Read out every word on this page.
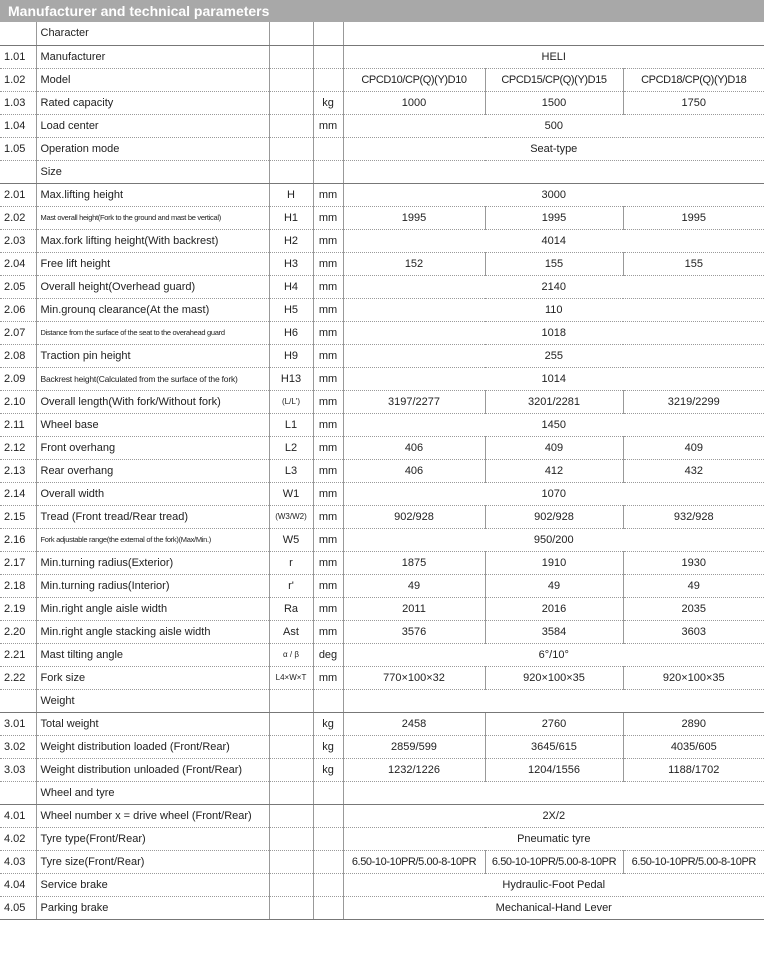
Manufacturer and technical parameters
	Character					
1.01	Manufacturer			HELI		
1.02	Model			CPCD10/CP(Q)(Y)D10	CPCD15/CP(Q)(Y)D15	CPCD18/CP(Q)(Y)D18
1.03	Rated capacity		kg	1000	1500	1750
1.04	Load center		mm	500		
1.05	Operation mode			Seat-type		
	Size					
2.01	Max.lifting height	H	mm	3000		
2.02	Mast overall height(Fork to the ground and mast be vertical)	H1	mm	1995	1995	1995
2.03	Max.fork lifting height(With backrest)	H2	mm	4014		
2.04	Free lift height	H3	mm	152	155	155
2.05	Overall height(Overhead guard)	H4	mm	2140		
2.06	Min.grounq clearance(At the mast)	H5	mm	110		
2.07	Distance from the surface of the seat to the overahead guard	H6	mm	1018		
2.08	Traction pin height	H9	mm	255		
2.09	Backrest height(Calculated from the surface of the fork)	H13	mm	1014		
2.10	Overall length(With fork/Without fork)	(L/L')	mm	3197/2277	3201/2281	3219/2299
2.11	Wheel base	L1	mm	1450		
2.12	Front overhang	L2	mm	406	409	409
2.13	Rear overhang	L3	mm	406	412	432
2.14	Overall width	W1	mm	1070		
2.15	Tread (Front tread/Rear tread)	(W3/W2)	mm	902/928	902/928	932/928
2.16	Fork adjustable range(the external of the fork)(Max/Min.)	W5	mm	950/200		
2.17	Min.turning radius(Exterior)	r	mm	1875	1910	1930
2.18	Min.turning radius(Interior)	r'	mm	49	49	49
2.19	Min.right angle aisle width	Ra	mm	2011	2016	2035
2.20	Min.right angle stacking aisle width	Ast	mm	3576	3584	3603
2.21	Mast tilting angle	α / β	deg	6°/10°		
2.22	Fork size	L4×W×T	mm	770×100×32	920×100×35	920×100×35
	Weight					
3.01	Total weight		kg	2458	2760	2890
3.02	Weight distribution loaded (Front/Rear)		kg	2859/599	3645/615	4035/605
3.03	Weight distribution unloaded (Front/Rear)		kg	1232/1226	1204/1556	1188/1702
	Wheel and tyre					
4.01	Wheel number x = drive wheel (Front/Rear)			2X/2		
4.02	Tyre type(Front/Rear)			Pneumatic tyre		
4.03	Tyre size(Front/Rear)			6.50-10-10PR/5.00-8-10PR	6.50-10-10PR/5.00-8-10PR	6.50-10-10PR/5.00-8-10PR
4.04	Service brake			Hydraulic-Foot Pedal		
4.05	Parking brake			Mechanical-Hand Lever		
